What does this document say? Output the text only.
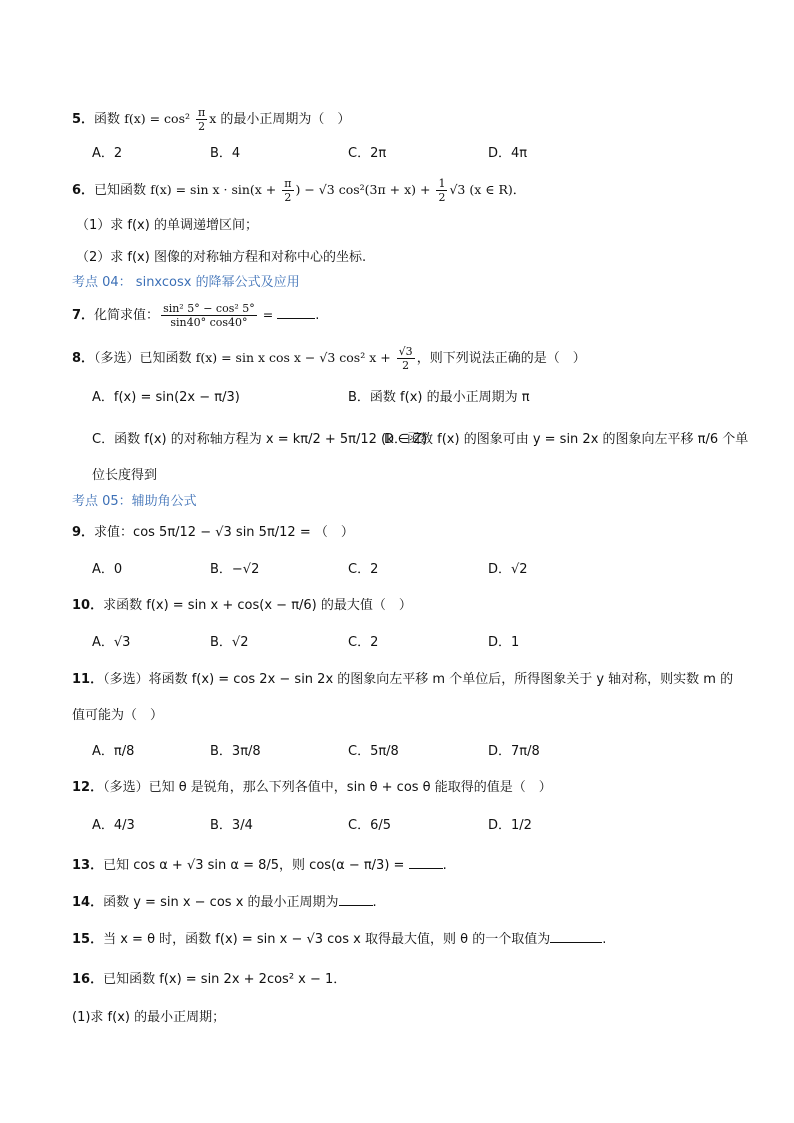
5．函数 $f(x) = \cos^2 \frac{\pi}{2}$ x 的最小正周期为（　）
A．2	B．4	C．2π	D．4π
6．已知函数 $f(x) = \sin x \cdot \sin(x + \frac{\pi}{2}$ ) − √3 $\cos^2(3\pi + x) + \frac{1}{2} √3$ (x ∈ R)．
（1）求 f(x) 的单调递增区间；
（2）求 f(x) 图像的对称轴方程和对称中心的坐标.
考点 04： sinxcosx 的降幂公式及应用
7．化简求值： $\frac{\text{sin² 5° − cos² 5°}}{\sin 40^\circ \cos 40^\circ}$ =	.
8．（多选）已知函数 f(x) = sin x cos x − √3 cos² $x + \frac{√3}{2}$ ，则下列说法正确的是（　）
A．f(x) = sin(2x − π/3)	B．函数 f(x) 的最小正周期为 π
C．函数 f(x) 的对称轴方程为 x = kπ/2 + 5π/12 (k ∈ Z)
D．函数 f(x) 的图象可由 y = sin 2x 的图象向左平移 π/6 个单
位长度得到
考点 05：辅助角公式
9．求值：cos 5π/12 − √3 sin 5π/12 = （　）
A．0	B．−√2	C．2	D．√2
10．求函数 f(x) = sin x + cos(x − π/6) 的最大值（　）
A．√3	B．√2	C．2	D．1
11．（多选）将函数 f(x) = cos 2x − sin 2x 的图象向左平移 m 个单位后，所得图象关于 y 轴对称，则实数 m 的
值可能为（　）
A．π/8	B．3π/8	C．5π/8	D．7π/8
12．（多选）已知 θ 是锐角，那么下列各值中，sin θ + cos θ 能取得的值是（　）
A．4/3	B．3/4	C．6/5	D．1/2
13．已知 cos α + √3 sin α = 8/5，则 cos(α − π/3) =	.
14．函数 y = sin x − cos x 的最小正周期为	.
15．当 x = θ 时，函数 f(x) = sin x − √3 cos x 取得最大值，则 θ 的一个取值为	.
16．已知函数 f(x) = sin 2x + 2cos² x − 1．
(1)求 f(x) 的最小正周期；
